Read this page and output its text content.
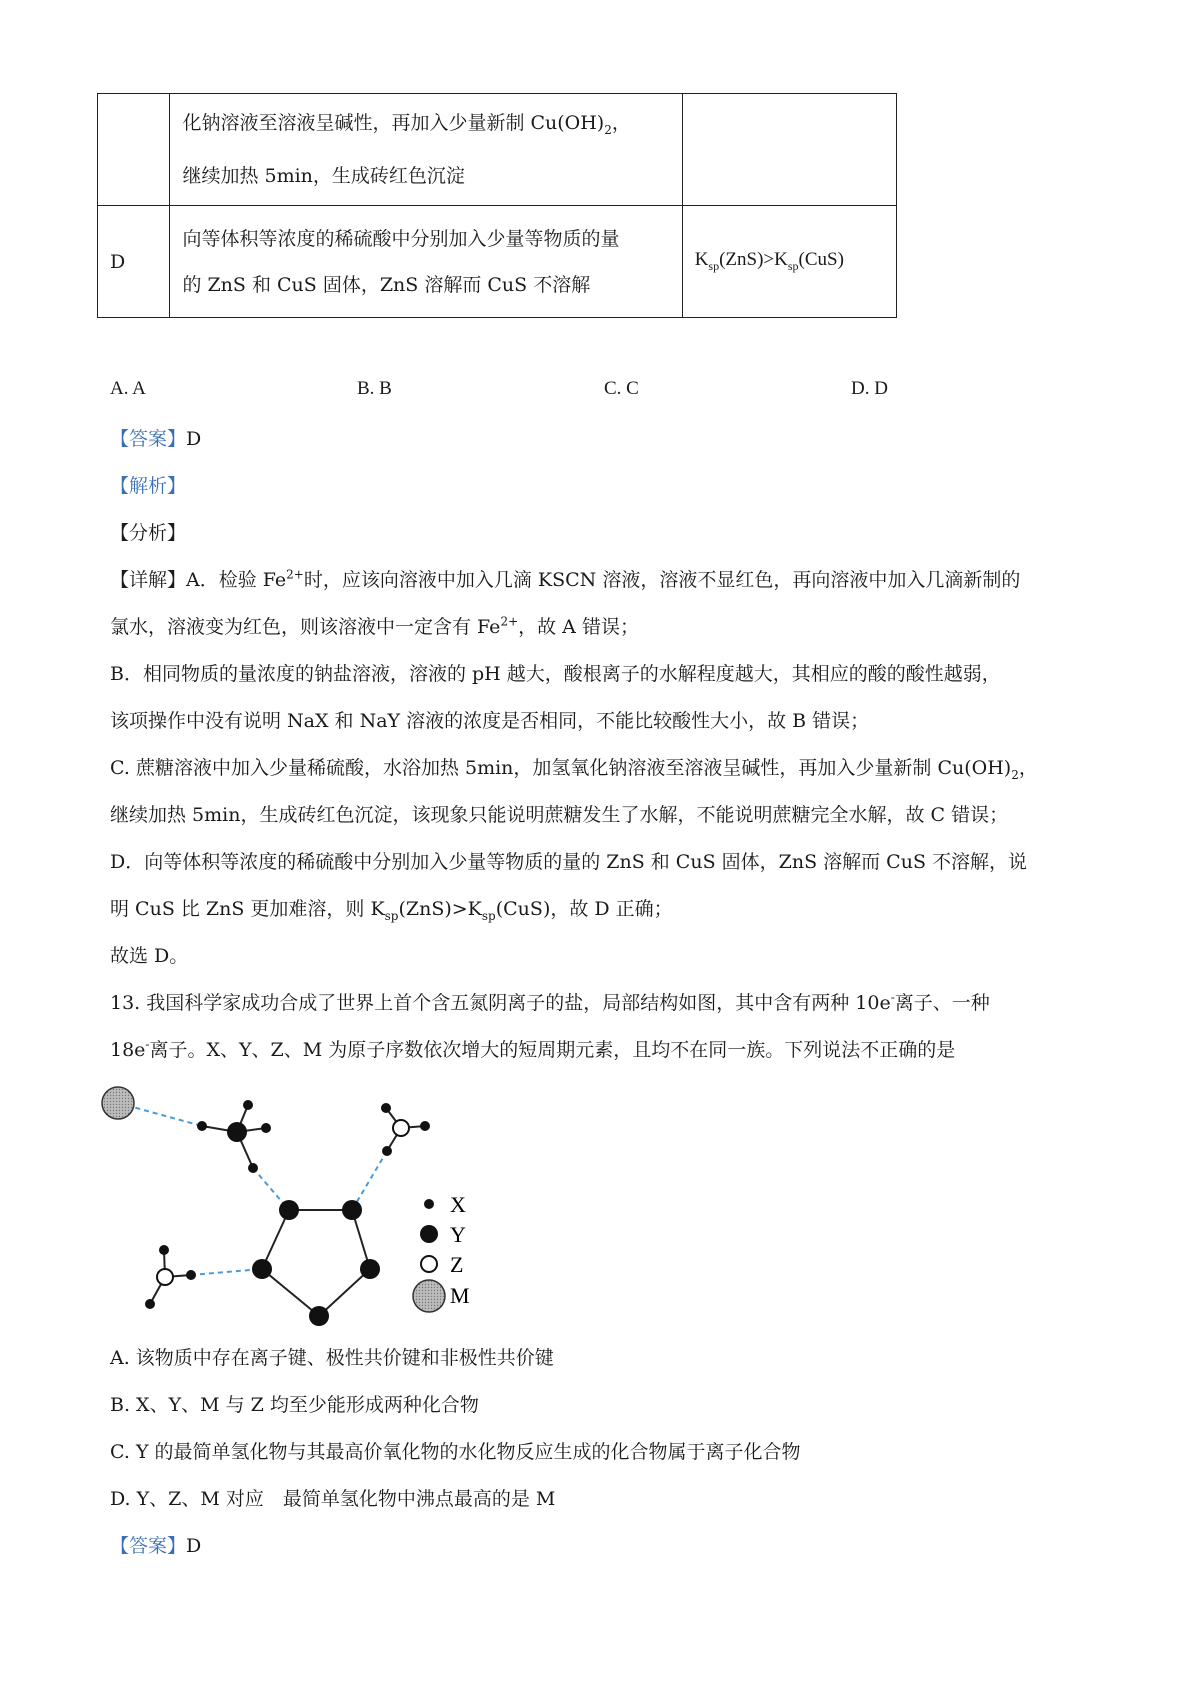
	化钠溶液至溶液呈碱性，再加入少量新制 $Cu(OH)_2$，
继续加热 5min，生成砖红色沉淀	

D	向等体积等浓度的稀硫酸中分别加入少量等物质的量
的 ZnS 和 CuS 固体，ZnS 溶解而 CuS 不溶解	$K_{sp}(ZnS)>K_{sp}(CuS)$
A. A	B. B	C. C	D. D
【答案】D
【解析】
【分析】
【详解】A．检验 $Fe^{2+}$时，应该向溶液中加入几滴 KSCN 溶液，溶液不显红色，再向溶液中加入几滴新制的
氯水，溶液变为红色，则该溶液中一定含有 $Fe^{2+}$，故 A 错误；
B．相同物质的量浓度的钠盐溶液，溶液的 pH 越大，酸根离子的水解程度越大，其相应的酸的酸性越弱，
该项操作中没有说明 NaX 和 NaY 溶液的浓度是否相同，不能比较酸性大小，故 B 错误；
C. 蔗糖溶液中加入少量稀硫酸，水浴加热 5min，加氢氧化钠溶液至溶液呈碱性，再加入少量新制 $Cu(OH)_2$，
继续加热 5min，生成砖红色沉淀，该现象只能说明蔗糖发生了水解，不能说明蔗糖完全水解，故 C 错误；
D．向等体积等浓度的稀硫酸中分别加入少量等物质的量的 ZnS 和 CuS 固体，ZnS 溶解而 CuS 不溶解，说
明 CuS 比 ZnS 更加难溶，则 $K_{sp}(ZnS)>K_{sp}(CuS)$，故 D 正确；
故选 D。
13. 我国科学家成功合成了世界上首个含五氮阴离子的盐，局部结构如图，其中含有两种 10e-离子、一种
18e-离子。X、Y、Z、M 为原子序数依次增大的短周期元素，且均不在同一族。下列说法不正确的是
X
Y
Z
M
A. 该物质中存在离子键、极性共价键和非极性共价键
B. X、Y、M 与 Z 均至少能形成两种化合物
C. Y 的最简单氢化物与其最高价氧化物的水化物反应生成的化合物属于离子化合物
D. Y、Z、M 对应　最简单氢化物中沸点最高的是 M
【答案】D
